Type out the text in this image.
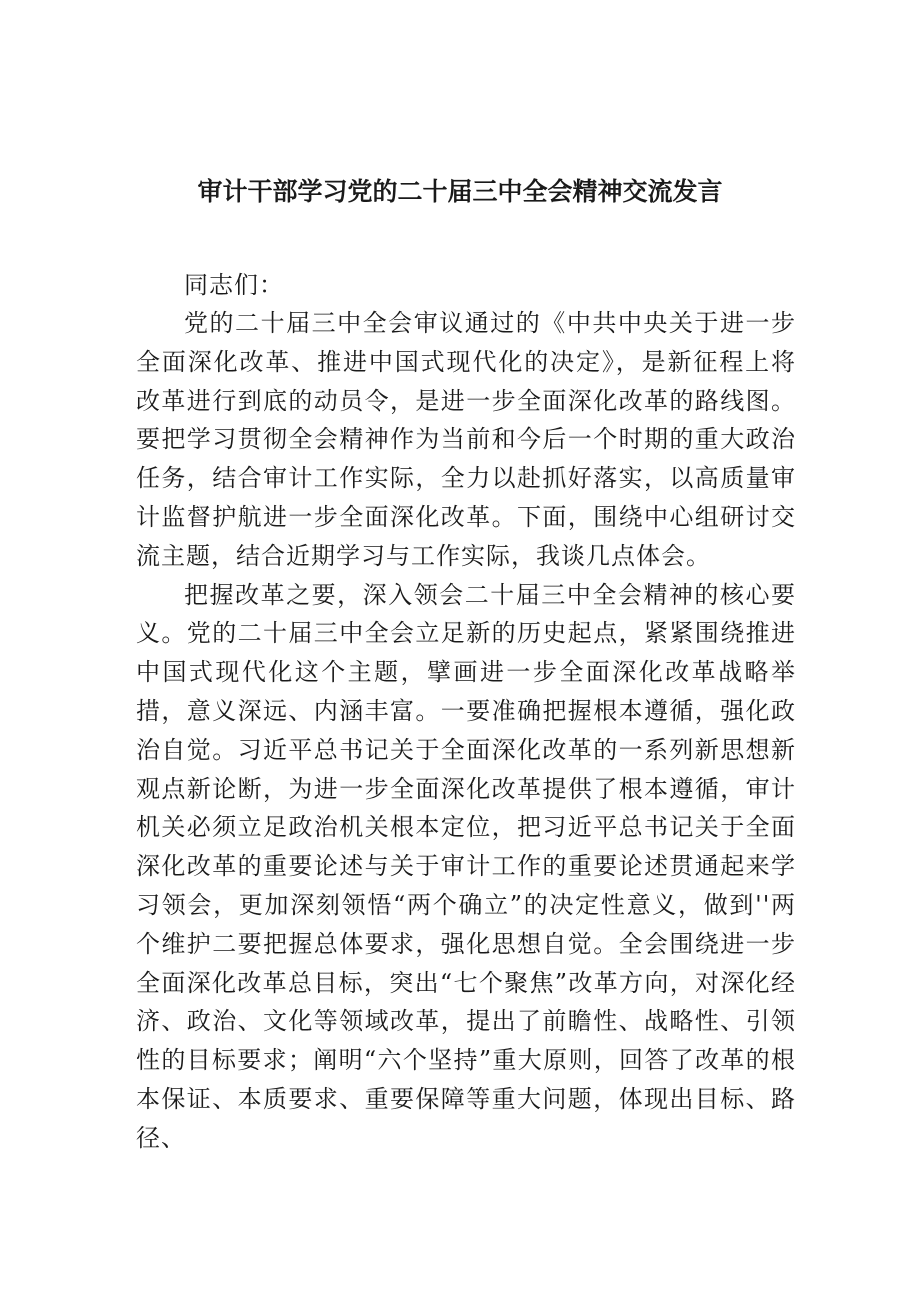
审计干部学习党的二十届三中全会精神交流发言
同志们：

党的二十届三中全会审议通过的《中共中央关于进一步全面深化改革、推进中国式现代化的决定》，是新征程上将改革进行到底的动员令，是进一步全面深化改革的路线图。要把学习贯彻全会精神作为当前和今后一个时期的重大政治任务，结合审计工作实际，全力以赴抓好落实，以高质量审计监督护航进一步全面深化改革。下面，围绕中心组研讨交流主题，结合近期学习与工作实际，我谈几点体会。

把握改革之要，深入领会二十届三中全会精神的核心要义。党的二十届三中全会立足新的历史起点，紧紧围绕推进中国式现代化这个主题，擘画进一步全面深化改革战略举措，意义深远、内涵丰富。一要准确把握根本遵循，强化政治自觉。习近平总书记关于全面深化改革的一系列新思想新观点新论断，为进一步全面深化改革提供了根本遵循，审计机关必须立足政治机关根本定位，把习近平总书记关于全面深化改革的重要论述与关于审计工作的重要论述贯通起来学习领会，更加深刻领悟“两个确立”的决定性意义，做到''两个维护二要把握总体要求，强化思想自觉。全会围绕进一步全面深化改革总目标，突出“七个聚焦”改革方向，对深化经济、政治、文化等领域改革，提出了前瞻性、战略性、引领性的目标要求；阐明“六个坚持”重大原则，回答了改革的根本保证、本质要求、重要保障等重大问题，体现出目标、路径、
